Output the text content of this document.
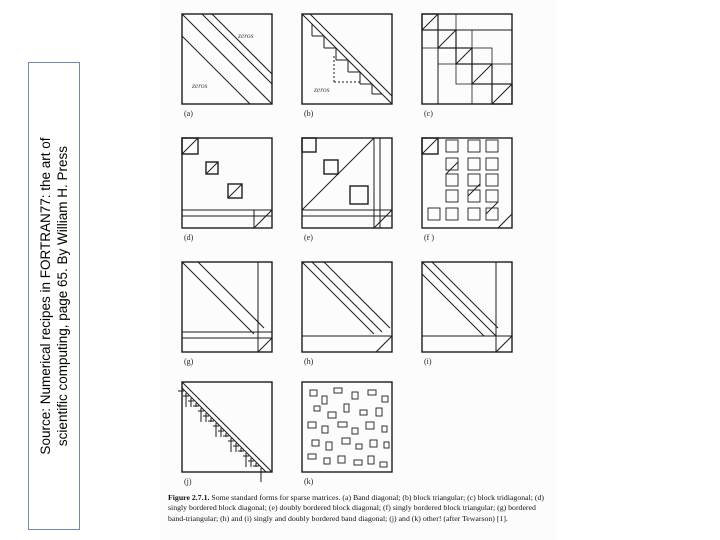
Source: Numerical recipes in FORTRAN77: the art of scientific computing, page 65. By William H. Press
(a)
zeros
zeros
(b)
zeros
(c)
(d)	(e)	(f )
(g)	(h)	(i)
(j)	(k)
Figure 2.7.1. Some standard forms for sparse matrices. (a) Band diagonal; (b) block triangular; (c) block tridiagonal; (d) singly bordered block diagonal; (e) doubly bordered block diagonal; (f) singly bordered block triangular; (g) bordered band-triangular; (h) and (i) singly and doubly bordered band diagonal; (j) and (k) other! (after Tewarson) [1].
